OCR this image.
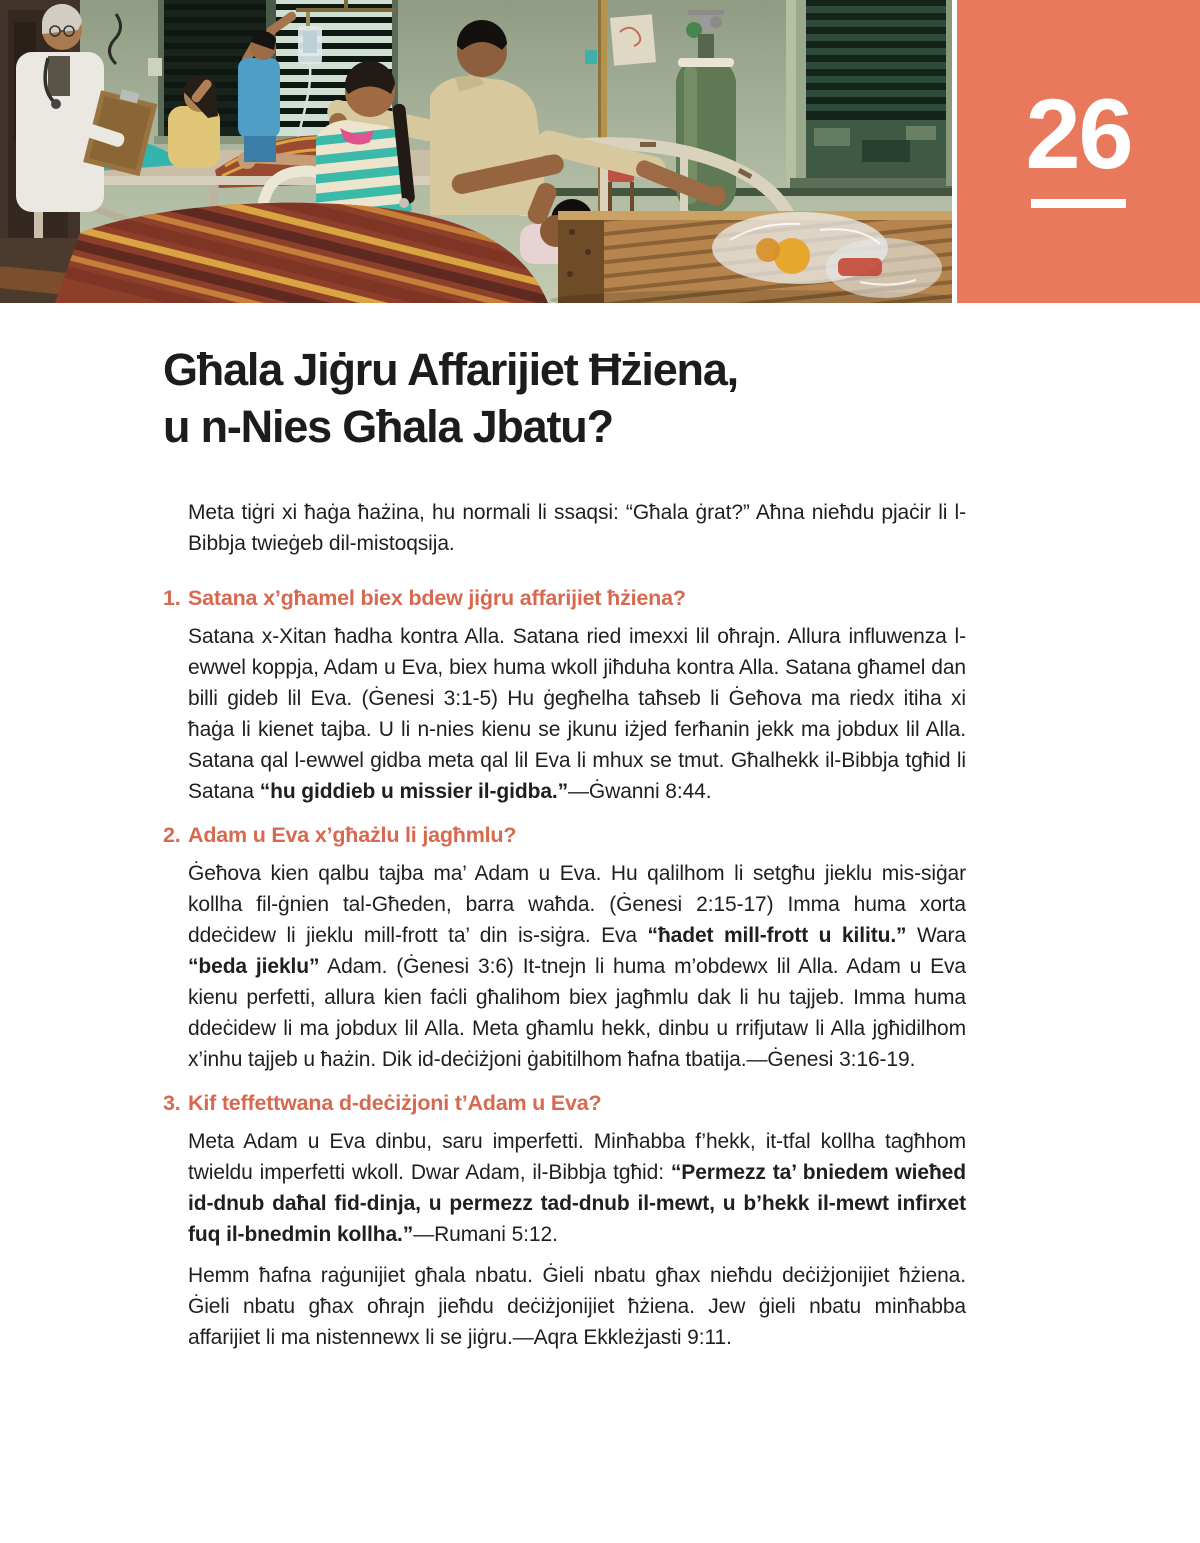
26
Għala Jiġru Affarijiet Ħżiena,
u n-Nies Għala Jbatu?

Meta tiġri xi ħaġa ħażina, hu normali li ssaqsi: “Għala ġrat?” Aħna nieħdu pjaċir li l-Bibbja twieġeb dil-mistoqsija.

1. Satana x’għamel biex bdew jiġru affarijiet ħżiena?

Satana x-Xitan ħadha kontra Alla. Satana ried imexxi lil oħrajn. Allura influwenza l-ewwel koppja, Adam u Eva, biex huma wkoll jiħduha kontra Alla. Satana għamel dan billi gideb lil Eva. (Ġenesi 3:1-5) Hu ġegħelha taħseb li Ġeħova ma riedx itiha xi ħaġa li kienet tajba. U li n-nies kienu se jkunu iżjed ferħanin jekk ma jobdux lil Alla. Satana qal l-ewwel gidba meta qal lil Eva li mhux se tmut. Għalhekk il-Bibbja tgħid li Satana “hu giddieb u missier il-gidba.”—Ġwanni 8:44.

2. Adam u Eva x’għażlu li jagħmlu?

Ġeħova kien qalbu tajba ma’ Adam u Eva. Hu qalilhom li setgħu jieklu mis-siġar kollha fil-ġnien tal-Għeden, barra waħda. (Ġenesi 2:15-17) Imma huma xorta ddeċidew li jieklu mill-frott ta’ din is-siġra. Eva “ħadet mill-frott u kilitu.” Wara “beda jieklu” Adam. (Ġenesi 3:6) It-tnejn li huma m’obdewx lil Alla. Adam u Eva kienu perfetti, allura kien faċli għalihom biex jagħmlu dak li hu tajjeb. Imma huma ddeċidew li ma jobdux lil Alla. Meta għamlu hekk, dinbu u rrifjutaw li Alla jgħidilhom x’inhu tajjeb u ħażin. Dik id-deċiżjoni ġabitilhom ħafna tbatija.—Ġenesi 3:16-19.

3. Kif teffettwana d-deċiżjoni t’Adam u Eva?

Meta Adam u Eva dinbu, saru imperfetti. Minħabba f’hekk, it-tfal kollha tagħhom twieldu imperfetti wkoll. Dwar Adam, il-Bibbja tgħid: “Permezz ta’ bniedem wieħed id-dnub daħal fid-dinja, u permezz tad-dnub il-mewt, u b’hekk il-mewt infirxet fuq il-bnedmin kollha.”—Rumani 5:12.

Hemm ħafna raġunijiet għala nbatu. Ġieli nbatu għax nieħdu deċiżjonijiet ħżiena. Ġieli nbatu għax oħrajn jieħdu deċiżjonijiet ħżiena. Jew ġieli nbatu minħabba affarijiet li ma nistennewx li se jiġru.—Aqra Ekkleżjasti 9:11.
